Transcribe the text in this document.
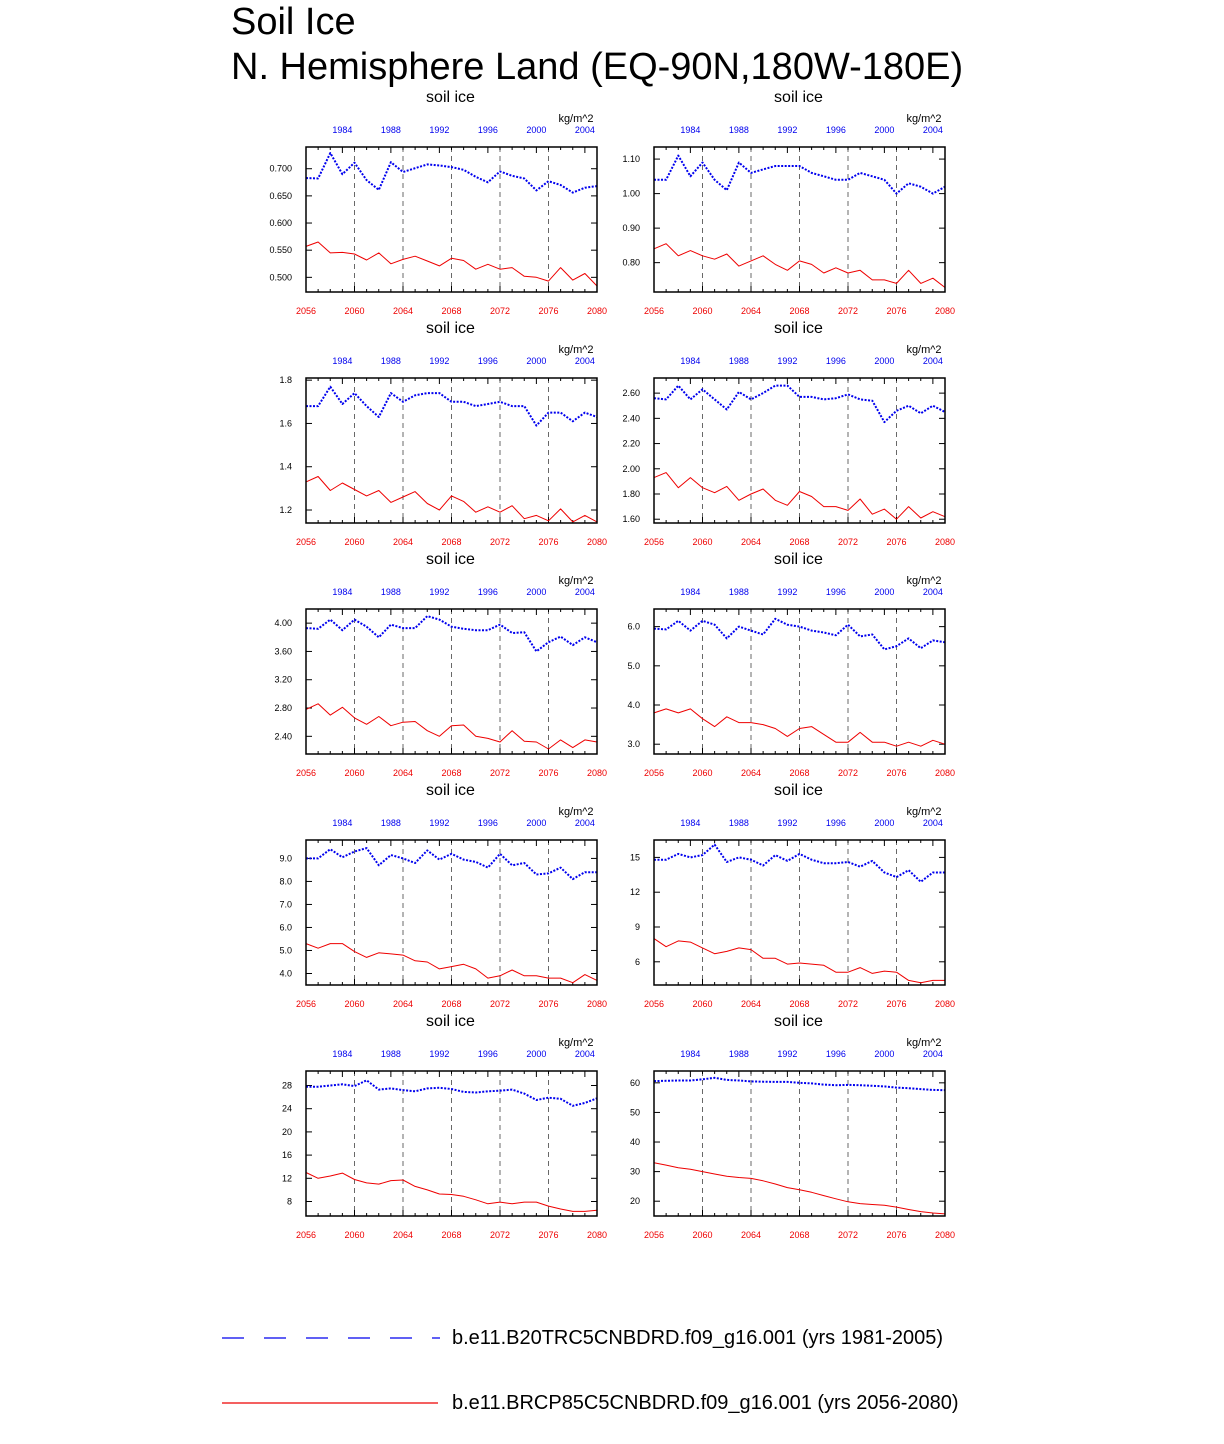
Soil Ice
N. Hemisphere Land (EQ-90N,180W-180E)
soil ice
kg/m^2
2056	2060	2064	2068	2072	2076	2080
1984	1988	1992	1996	2000	2004
0.500
0.550
0.600
0.650
0.700
soil ice
kg/m^2
2056	2060	2064	2068	2072	2076	2080
1984	1988	1992	1996	2000	2004
0.80
0.90
1.00
1.10
soil ice
kg/m^2
2056	2060	2064	2068	2072	2076	2080
1984	1988	1992	1996	2000	2004
1.2
1.4
1.6
1.8
soil ice
kg/m^2
2056	2060	2064	2068	2072	2076	2080
1984	1988	1992	1996	2000	2004
1.60
1.80
2.00
2.20
2.40
2.60
soil ice
kg/m^2
2056	2060	2064	2068	2072	2076	2080
1984	1988	1992	1996	2000	2004
2.40
2.80
3.20
3.60
4.00
soil ice
kg/m^2
2056	2060	2064	2068	2072	2076	2080
1984	1988	1992	1996	2000	2004
3.0
4.0
5.0
6.0
soil ice
kg/m^2
2056	2060	2064	2068	2072	2076	2080
1984	1988	1992	1996	2000	2004
4.0
5.0
6.0
7.0
8.0
9.0
soil ice
kg/m^2
2056	2060	2064	2068	2072	2076	2080
1984	1988	1992	1996	2000	2004
6
9
12
15
soil ice
kg/m^2
2056	2060	2064	2068	2072	2076	2080
1984	1988	1992	1996	2000	2004
8
12
16
20
24
28
soil ice
kg/m^2
2056	2060	2064	2068	2072	2076	2080
1984	1988	1992	1996	2000	2004
20
30
40
50
60
b.e11.B20TRC5CNBDRD.f09_g16.001 (yrs 1981-2005)
b.e11.BRCP85C5CNBDRD.f09_g16.001 (yrs 2056-2080)
